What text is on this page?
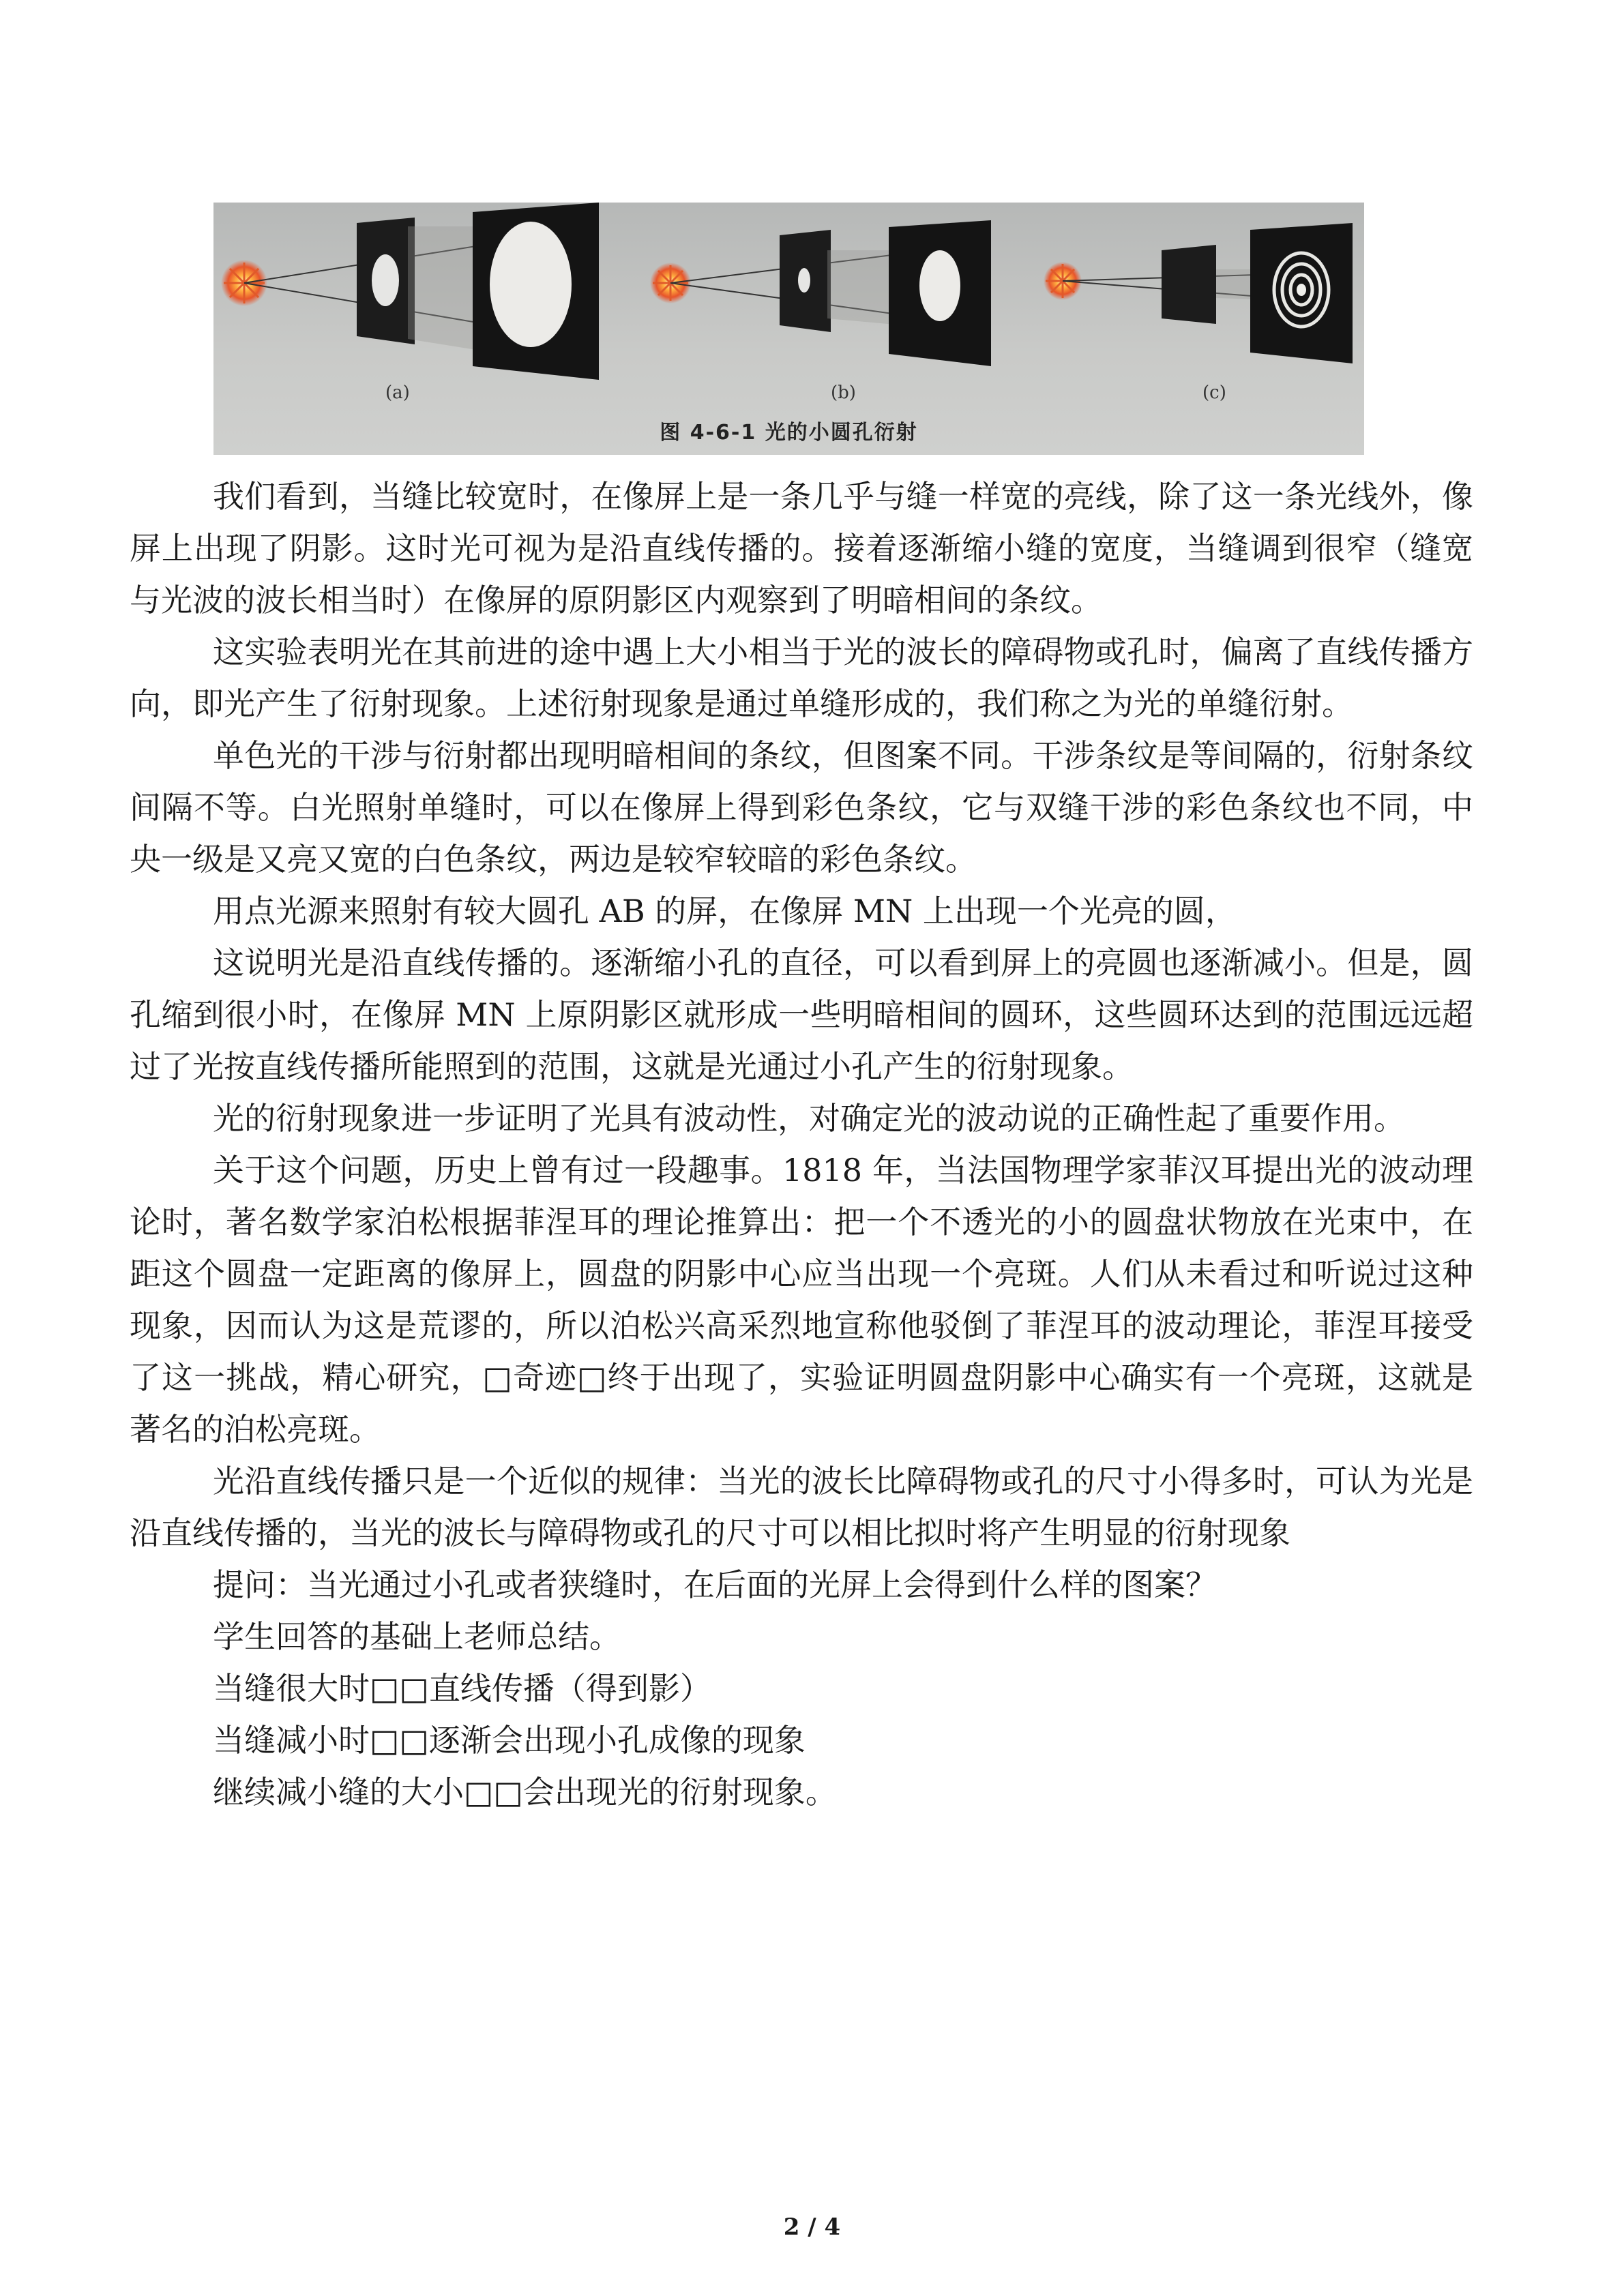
(a)	(b)	(c)
图 4-6-1 光的小圆孔衍射

我们看到，当缝比较宽时，在像屏上是一条几乎与缝一样宽的亮线，除了这一条光线外，像屏上出现了阴影。这时光可视为是沿直线传播的。接着逐渐缩小缝的宽度，当缝调到很窄（缝宽与光波的波长相当时）在像屏的原阴影区内观察到了明暗相间的条纹。

这实验表明光在其前进的途中遇上大小相当于光的波长的障碍物或孔时，偏离了直线传播方向，即光产生了衍射现象。上述衍射现象是通过单缝形成的，我们称之为光的单缝衍射。

单色光的干涉与衍射都出现明暗相间的条纹，但图案不同。干涉条纹是等间隔的，衍射条纹间隔不等。白光照射单缝时，可以在像屏上得到彩色条纹，它与双缝干涉的彩色条纹也不同，中央一级是又亮又宽的白色条纹，两边是较窄较暗的彩色条纹。

用点光源来照射有较大圆孔 AB 的屏，在像屏 MN 上出现一个光亮的圆，

这说明光是沿直线传播的。逐渐缩小孔的直径，可以看到屏上的亮圆也逐渐减小。但是，圆孔缩到很小时，在像屏 MN 上原阴影区就形成一些明暗相间的圆环，这些圆环达到的范围远远超过了光按直线传播所能照到的范围，这就是光通过小孔产生的衍射现象。

光的衍射现象进一步证明了光具有波动性，对确定光的波动说的正确性起了重要作用。

关于这个问题，历史上曾有过一段趣事。1818 年，当法国物理学家菲汉耳提出光的波动理论时，著名数学家泊松根据菲涅耳的理论推算出：把一个不透光的小的圆盘状物放在光束中，在距这个圆盘一定距离的像屏上，圆盘的阴影中心应当出现一个亮斑。人们从未看过和听说过这种现象，因而认为这是荒谬的，所以泊松兴高采烈地宣称他驳倒了菲涅耳的波动理论，菲涅耳接受了这一挑战，精心研究，□奇迹□终于出现了，实验证明圆盘阴影中心确实有一个亮斑，这就是著名的泊松亮斑。

光沿直线传播只是一个近似的规律：当光的波长比障碍物或孔的尺寸小得多时，可认为光是沿直线传播的，当光的波长与障碍物或孔的尺寸可以相比拟时将产生明显的衍射现象

提问：当光通过小孔或者狭缝时，在后面的光屏上会得到什么样的图案？

学生回答的基础上老师总结。

当缝很大时□□直线传播（得到影）

当缝减小时□□逐渐会出现小孔成像的现象

继续减小缝的大小□□会出现光的衍射现象。

2 / 4
